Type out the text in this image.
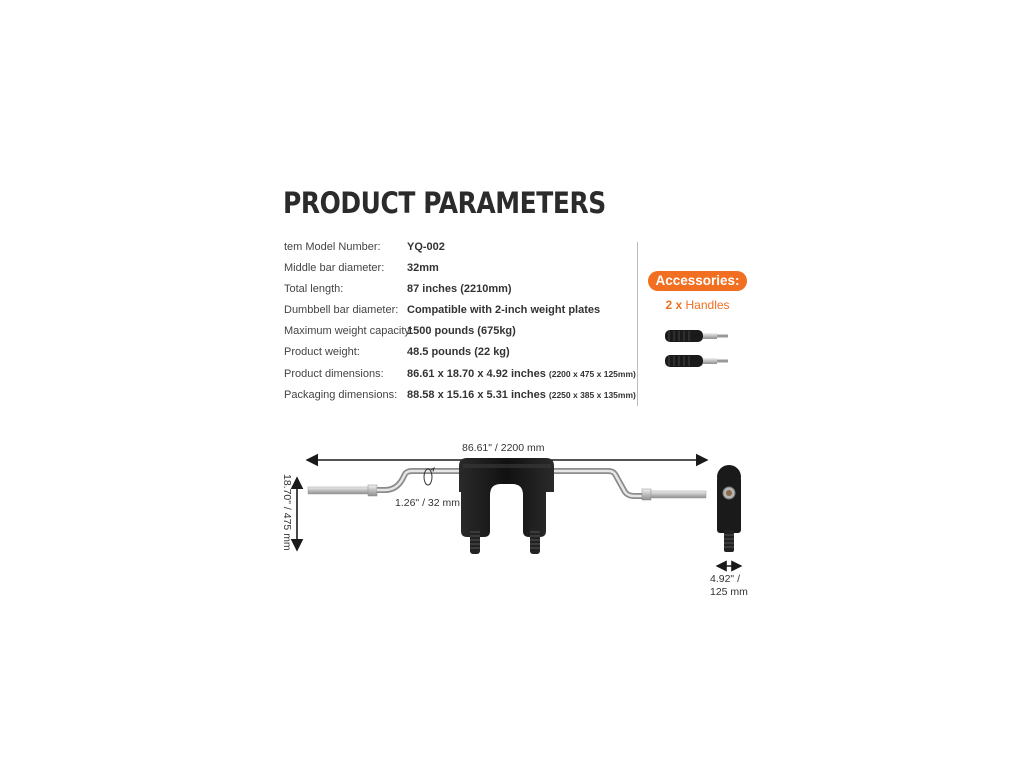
PRODUCT PARAMETERS
tem Model Number: YQ-002
Middle bar diameter: 32mm
Total length:	87 inches (2210mm)
Dumbbell bar diameter: Compatible with 2-inch weight plates
Maximum weight capacity:
1500 pounds (675kg)
Product weight:	48.5 pounds (22 kg)
Product dimensions: 86.61 x 18.70 x 4.92 inches (2200 x 475 x 125mm)
Packaging dimensions: 88.58 x 15.16 x 5.31 inches (2250 x 385 x 135mm)
Accessories:
2 x Handles
86.61" / 2200 mm
1.26" / 32 mm
18.70" / 475 mm
4.92" /
125 mm
